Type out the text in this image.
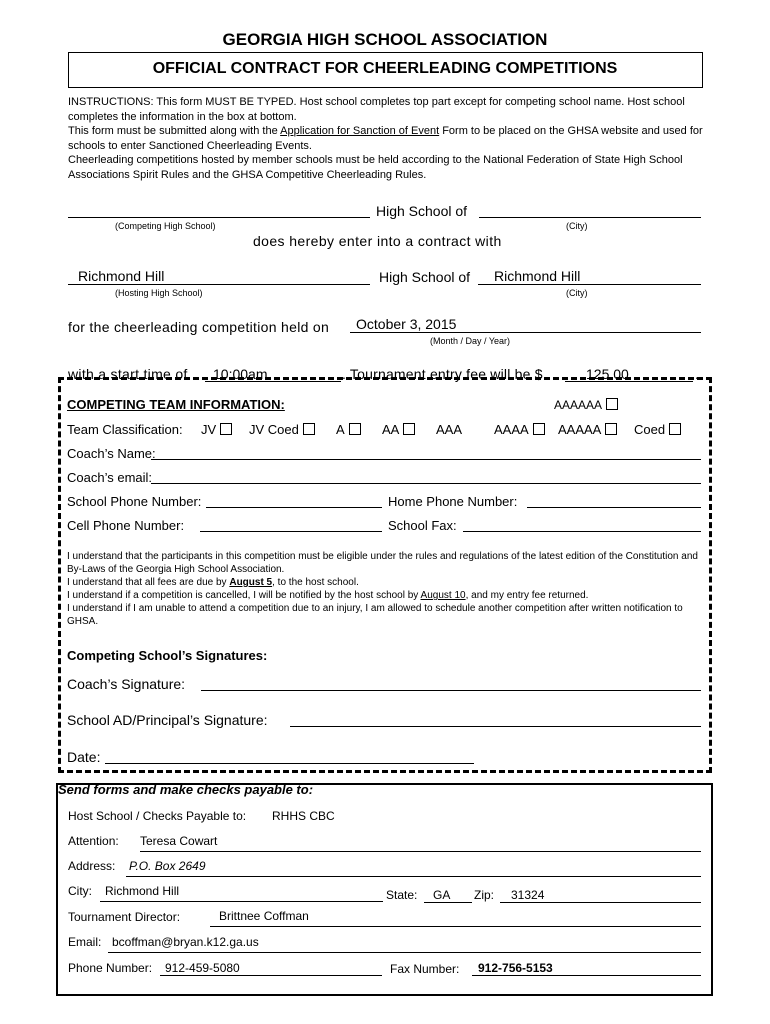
GEORGIA HIGH SCHOOL ASSOCIATION
OFFICIAL CONTRACT FOR CHEERLEADING COMPETITIONS
INSTRUCTIONS: This form MUST BE TYPED. Host school completes top part except for competing school name. Host school completes the information in the box at bottom.
This form must be submitted along with the Application for Sanction of Event Form to be placed on the GHSA website and used for schools to enter Sanctioned Cheerleading Events.
Cheerleading competitions hosted by member schools must be held according to the National Federation of State High School Associations Spirit Rules and the GHSA Competitive Cheerleading Rules.
High School of
(Competing High School)	(City)
does hereby enter into a contract with
Richmond Hill	High School of Richmond Hill
(Hosting High School)	(City)
for the cheerleading competition held on October 3, 2015
(Month / Day / Year)
with a start time of 10:00am	. Tournament entry fee will be $	125.00	.
COMPETING TEAM INFORMATION:	AAAAAA
Team Classification: JV	JV Coed	A	AA	AAA AAAA	AAAAA	Coed
Coach’s Name:
Coach’s email:
School Phone Number:	Home Phone Number:
Cell Phone Number:	School Fax:
I understand that the participants in this competition must be eligible under the rules and regulations of the latest edition of the Constitution and By-Laws of the Georgia High School Association.
I understand that all fees are due by August 5, to the host school.
I understand if a competition is cancelled, I will be notified by the host school by August 10, and my entry fee returned.
I understand if I am unable to attend a competition due to an injury, I am allowed to schedule another competition after written notification to GHSA.
Competing School’s Signatures:
Coach’s Signature:
School AD/Principal’s Signature:
Date:
Send forms and make checks payable to:
Host School / Checks Payable to: RHHS CBC
Attention: Teresa Cowart
Address: P.O. Box 2649
City: Richmond Hill	State: GA Zip: 31324
Tournament Director:	Brittnee Coffman
Email: bcoffman@bryan.k12.ga.us
Phone Number: 912-459-5080	Fax Number: 912-756-5153
